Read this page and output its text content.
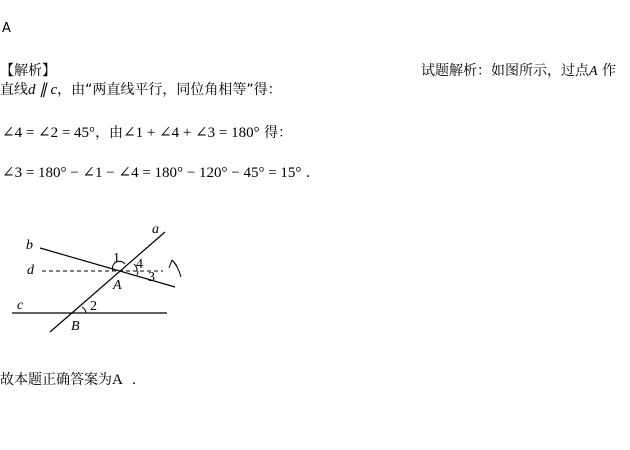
A
【解析】	试题解析：如图所示，过点A 作
直线d ∥ c，由“两直线平行，同位角相等”得：
∠4 = ∠2 = 45°，由∠1 + ∠4 + ∠3 = 180° 得：
∠3 = 180° − ∠1 − ∠4 = 180° − 120° − 45° = 15° .
a
b
d
c
A
B
1 4
3
2
故本题正确答案为A .
